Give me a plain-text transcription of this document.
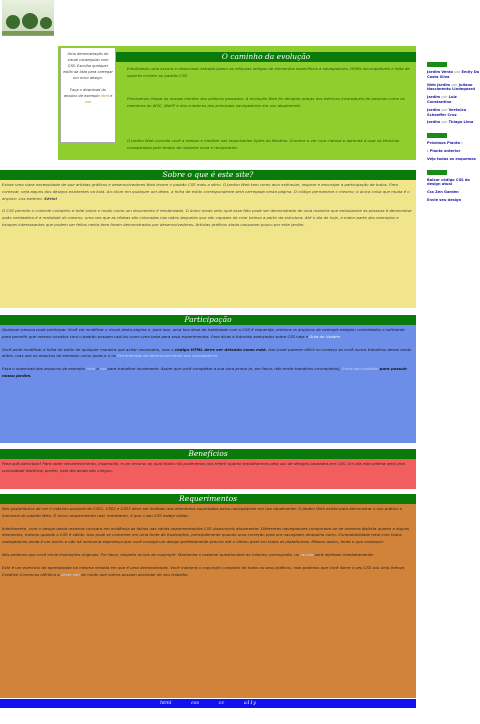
O caminho da evolução
Uma demonstração do visual conseguido com CSS. Escolha qualquer estilo da lista para carregar um novo design.

Faça o download do arquivo de exemplo html e css
Entulhando uma escura e obstruindo estrada jazem as relíquias antigas de elementos específicos a navegadores, DOMs incompatíveis e falta de suporte correto ao padrão CSS.
Precisamos limpar as nossas mentes dos práticos passados. A evolução Web foi atingida graças aos esforços incansáveis de pessoas como os membros do W3C, WaSP e dos criadores dos principais navegadores em uso atualmente.
O Jardim Web convida você a relaxar e meditar nas importantes lições do Mestres. Comece a ver com clareza e aprenda a usar as técnicas consagradas pelo tempo de maneira nova e revigorante.
Sobre o que é este site?

Existe uma clara necessidade de que artistas gráficos e desenvolvedores Web levem o padrão CSS mais a sério. O Jardim Web tem como alvo estimular, inspirar e encorajar a participação de todos. Para começar, veja alguns dos designs existentes na lista. Ao clicar em qualquer um deles, a folha de estilo correspondente será carregada nesta página. O código permanece o mesmo; a única coisa que muda é o arquivo .css externo. Sério!

O CSS permite o controle completo e total sobre o modo como um documento é renderizado. O único modo pelo qual esse fato pode ser demonstrado de uma maneira que entusiasme as pessoas é demonstrar quão verdadeira é a realidade do mesmo, uma vez que as rédeas são colocadas nas mãos daqueles que são capazes de criar beleza a partir da estrutura. Até o dia de hoje, a maior parte dos exemplos e truques interessantes que podem ser feitos nesta área foram demonstrados por desenvolvedores. Artistas gráficos ainda causaram pouco por este jardim.

Participação

Qualquer pessoa pode participar. Você vai modificar o visual desta página e, para isso, uma boa dose de habilidade com o CSS é requerida, embora os arquivos de exemplo estejam comentados o suficiente para permitir que mesmo novatos com o padrão possam usá-los como uma base para seus experimentos. Para dicas e tutoriais avançados sobre CSS veja o Guia do Usuário

Você pode modificar a folha de estilo de qualquer maneira que achar necessário, mas o código HTML deve ser deixado como está. Isso pode parecer difícil no começo se você nunca trabalhou desse modo antes, mas use os arquivos de exemplo como guias e o os Ferramentas de desenvolvimento dos navegadores

Faça o download dos arquivos de exemplo html e css para trabalhar localmente. Assim que você completar a sua obra-prima (e, por favor, não envie trabalhos incompletos), Envie seu trabalho para possuir nosso jardim.

Benefícios

Para quê participar? Para obter reconhecimento, inspiração, e um recurso ao qual todos nós poderemos nos referir quanto trabalharmos pela uso de designs baseados em CSS. Um dia esta galeria será uma curiosidade histórica; porém, este dia ainda não chegou.

Requerimentos

Nós gostaríamos de ver o máximo possível de CSS1, CSS2 e CSS3 deve ser limitado aos elementos suportados pelos navegadores em uso atualmente. O Jardim Web existe para demonstrar o uso prático e funcional do padrão Web. O único requerimento real, entretanto, é que o seu CSS esteja válido.

Infelizmente, criar o design desta maneira colocará em evidência as falhas nas várias implementações CSS disponíveis atualmente. Diferentes navegadores comportam-se de maneira distinta quanto a alguns elementos, mesmo quando o CSS é válido. Isso pode se converter em uma fonte de frustrações, principalmente quando uma correção para um navegador atrapalha outro. Compatibilidade total com todos navegadores ainda é um sonho e não há nenhuma esperança que você consiga um design perfeitamente preciso até o último pixel em todas as plataformas. Mesmo assim, tente o que conseguir.

Nós pedimos que você envie ilustrações originais. Por favor, respeite as leis de copyright. Mantenha o material questionável ao mínimo; pornografia, nu racista será rejeitado imediatamente.

Este é um exercício de aprendizado na mesma medida em que é uma demonstração. Você manterá o copyright completo de todos os seus gráficos, mas pedimos que você libere o seu CSS sob uma licença Creative Commons idêntica a deste site de modo que outros possam aprender do seu trabalho.

html	css	cc	a11y
Jardim Verão por Emily Da Costa Silva
Web Jardim por Juliano Nascimento Lindegaard
Jardim por Luiz Constantino
Jardim por Verônica Schaeffer Cruz
Jardim por Thiago Lima
Próximos Planta ›
‹ Planta anterior
Veja todos os esquemas
Baixar código CSS do design atual
Css Zen Garden
Envie seu design
